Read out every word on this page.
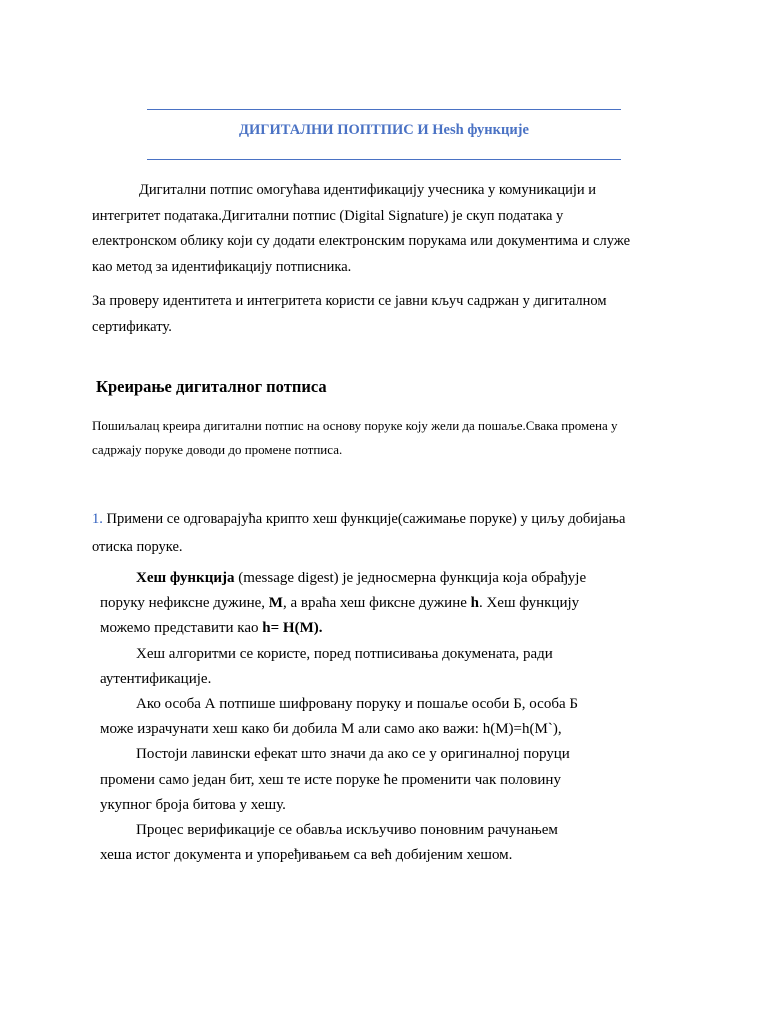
ДИГИТАЛНИ ПОПТПИС И Hesh функције
Дигитални потпис омогућава идентификацију учесника у комуникацији и
интегритет података.Дигитални потпис (Digital Signature) је скуп података у
електронском облику који су додати електронским порукама или документима и служе
као метод за идентификацију потписника.
За проверу идентитета и интегритета користи се јавни кључ садржан у дигиталном
сертификату.
Креирање дигиталног потписа
Пошиљалац креира дигитални потпис на основу поруке коју жели да пошаље.Свака промена у
садржају поруке доводи до промене потписа.
1. Примени се одговарајућа крипто хеш функције(сажимање поруке) у циљу добијања
отиска поруке.
Хеш функција (message digest) је једносмерна функција која обрађује
поруку нефиксне дужине, M, а враћа хеш фиксне дужине h. Хеш функцију
можемо представити као h= H(M).
Хеш алгоритми се користе, поред потписивања докумената, ради
аутентификације.
Ако особа А потпише шифровану поруку и пошаље особи Б, особа Б
може израчунати хеш како би добила М али само ако важи: h(M)=h(M`),
Постоји лавински ефекат што значи да ако се у оригиналној поруци
промени само један бит, хеш те исте поруке ће променити чак половину
укупног броја битова у хешу.
Процес верификације се обавља искључиво поновним рачунањем
хеша истог документа и упоређивањем са већ добијеним хешом.
